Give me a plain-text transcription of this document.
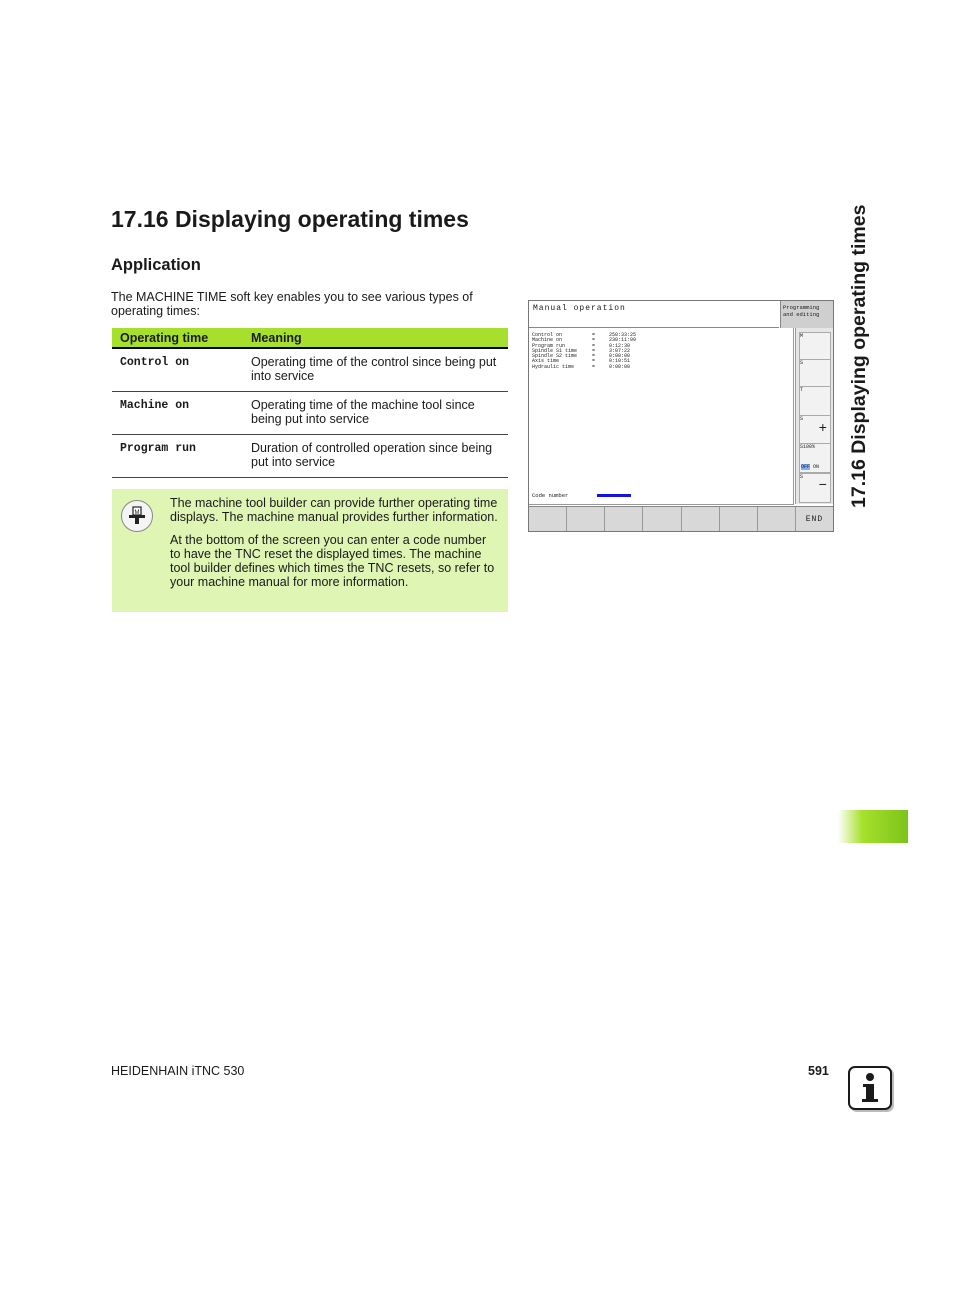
17.16 Displaying operating times
Application
The MACHINE TIME soft key enables you to see various types of operating times:
Operating time	Meaning
Control on	Operating time of the control since being put into service
Machine on	Operating time of the machine tool since being put into service
Program run	Duration of controlled operation since being put into service
M

The machine tool builder can provide further operating time displays. The machine manual provides further information.

At the bottom of the screen you can enter a code number to have the TNC reset the displayed times. The machine tool builder defines which times the TNC resets, so refer to your machine manual for more information.

Manual operation	Programming
and editing
Control on	=	250:33:25
Machine on	=	230:11:09
Program run	=	0:12:30
Spindle S1 time	=	3:07:22
Spindle S2 time	=	0:00:00
Axis time	=	0:10:51
Hydraulic time	=	0:00:00
Code number
M
S
T
S
+
S100%
OFF ON
S
−
END
17.16 Displaying operating times
HEIDENHAIN iTNC 530	591
